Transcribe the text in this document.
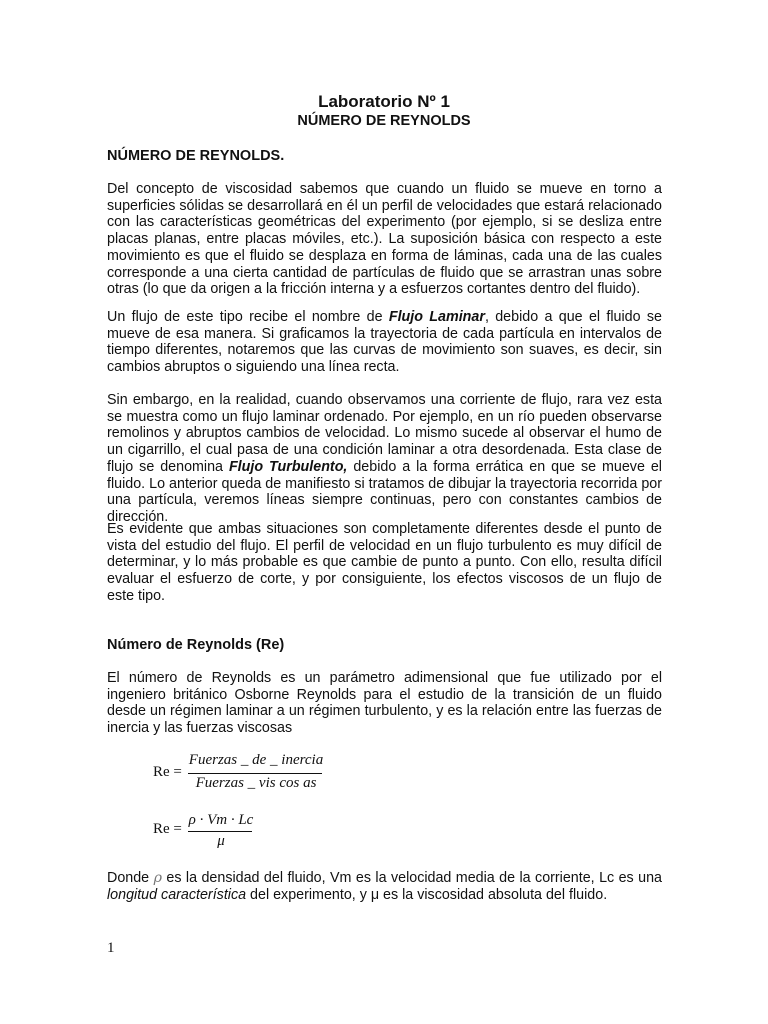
Laboratorio Nº 1
NÚMERO DE REYNOLDS
NÚMERO DE REYNOLDS.
Del concepto de viscosidad sabemos que cuando un fluido se mueve en torno a superficies sólidas se desarrollará en él un perfil de velocidades que estará relacionado con las características geométricas del experimento (por ejemplo, si se desliza entre placas planas, entre placas móviles, etc.). La suposición básica con respecto a este movimiento es que el fluido se desplaza en forma de láminas, cada una de las cuales corresponde a una cierta cantidad de partículas de fluido que se arrastran unas sobre otras (lo que da origen a la fricción interna y a esfuerzos cortantes dentro del fluido).
Un flujo de este tipo recibe el nombre de Flujo Laminar, debido a que el fluido se mueve de esa manera. Si graficamos la trayectoria de cada partícula en intervalos de tiempo diferentes, notaremos que las curvas de movimiento son suaves, es decir, sin cambios abruptos o siguiendo una línea recta.
Sin embargo, en la realidad, cuando observamos una corriente de flujo, rara vez esta se muestra como un flujo laminar ordenado. Por ejemplo, en un río pueden observarse remolinos y abruptos cambios de velocidad. Lo mismo sucede al observar el humo de un cigarrillo, el cual pasa de una condición laminar a otra desordenada. Esta clase de flujo se denomina Flujo Turbulento, debido a la forma errática en que se mueve el fluido. Lo anterior queda de manifiesto si tratamos de dibujar la trayectoria recorrida por una partícula, veremos líneas siempre continuas, pero con constantes cambios de dirección.
Es evidente que ambas situaciones son completamente diferentes desde el punto de vista del estudio del flujo. El perfil de velocidad en un flujo turbulento es muy difícil de determinar, y lo más probable es que cambie de punto a punto. Con ello, resulta difícil evaluar el esfuerzo de corte, y por consiguiente, los efectos viscosos de un flujo de este tipo.
Número de Reynolds (Re)
El número de Reynolds es un parámetro adimensional que fue utilizado por el ingeniero británico Osborne Reynolds para el estudio de la transición de un fluido desde un régimen laminar a un régimen turbulento, y es la relación entre las fuerzas de inercia y las fuerzas viscosas
Re =
Fuerzas _ de _ inercia
Fuerzas _ vis cos as
Re =
ρ · Vm · Lc
μ
Donde ρ es la densidad del fluido, Vm es la velocidad media de la corriente, Lc es una longitud característica del experimento, y μ es la viscosidad absoluta del fluido.
1
